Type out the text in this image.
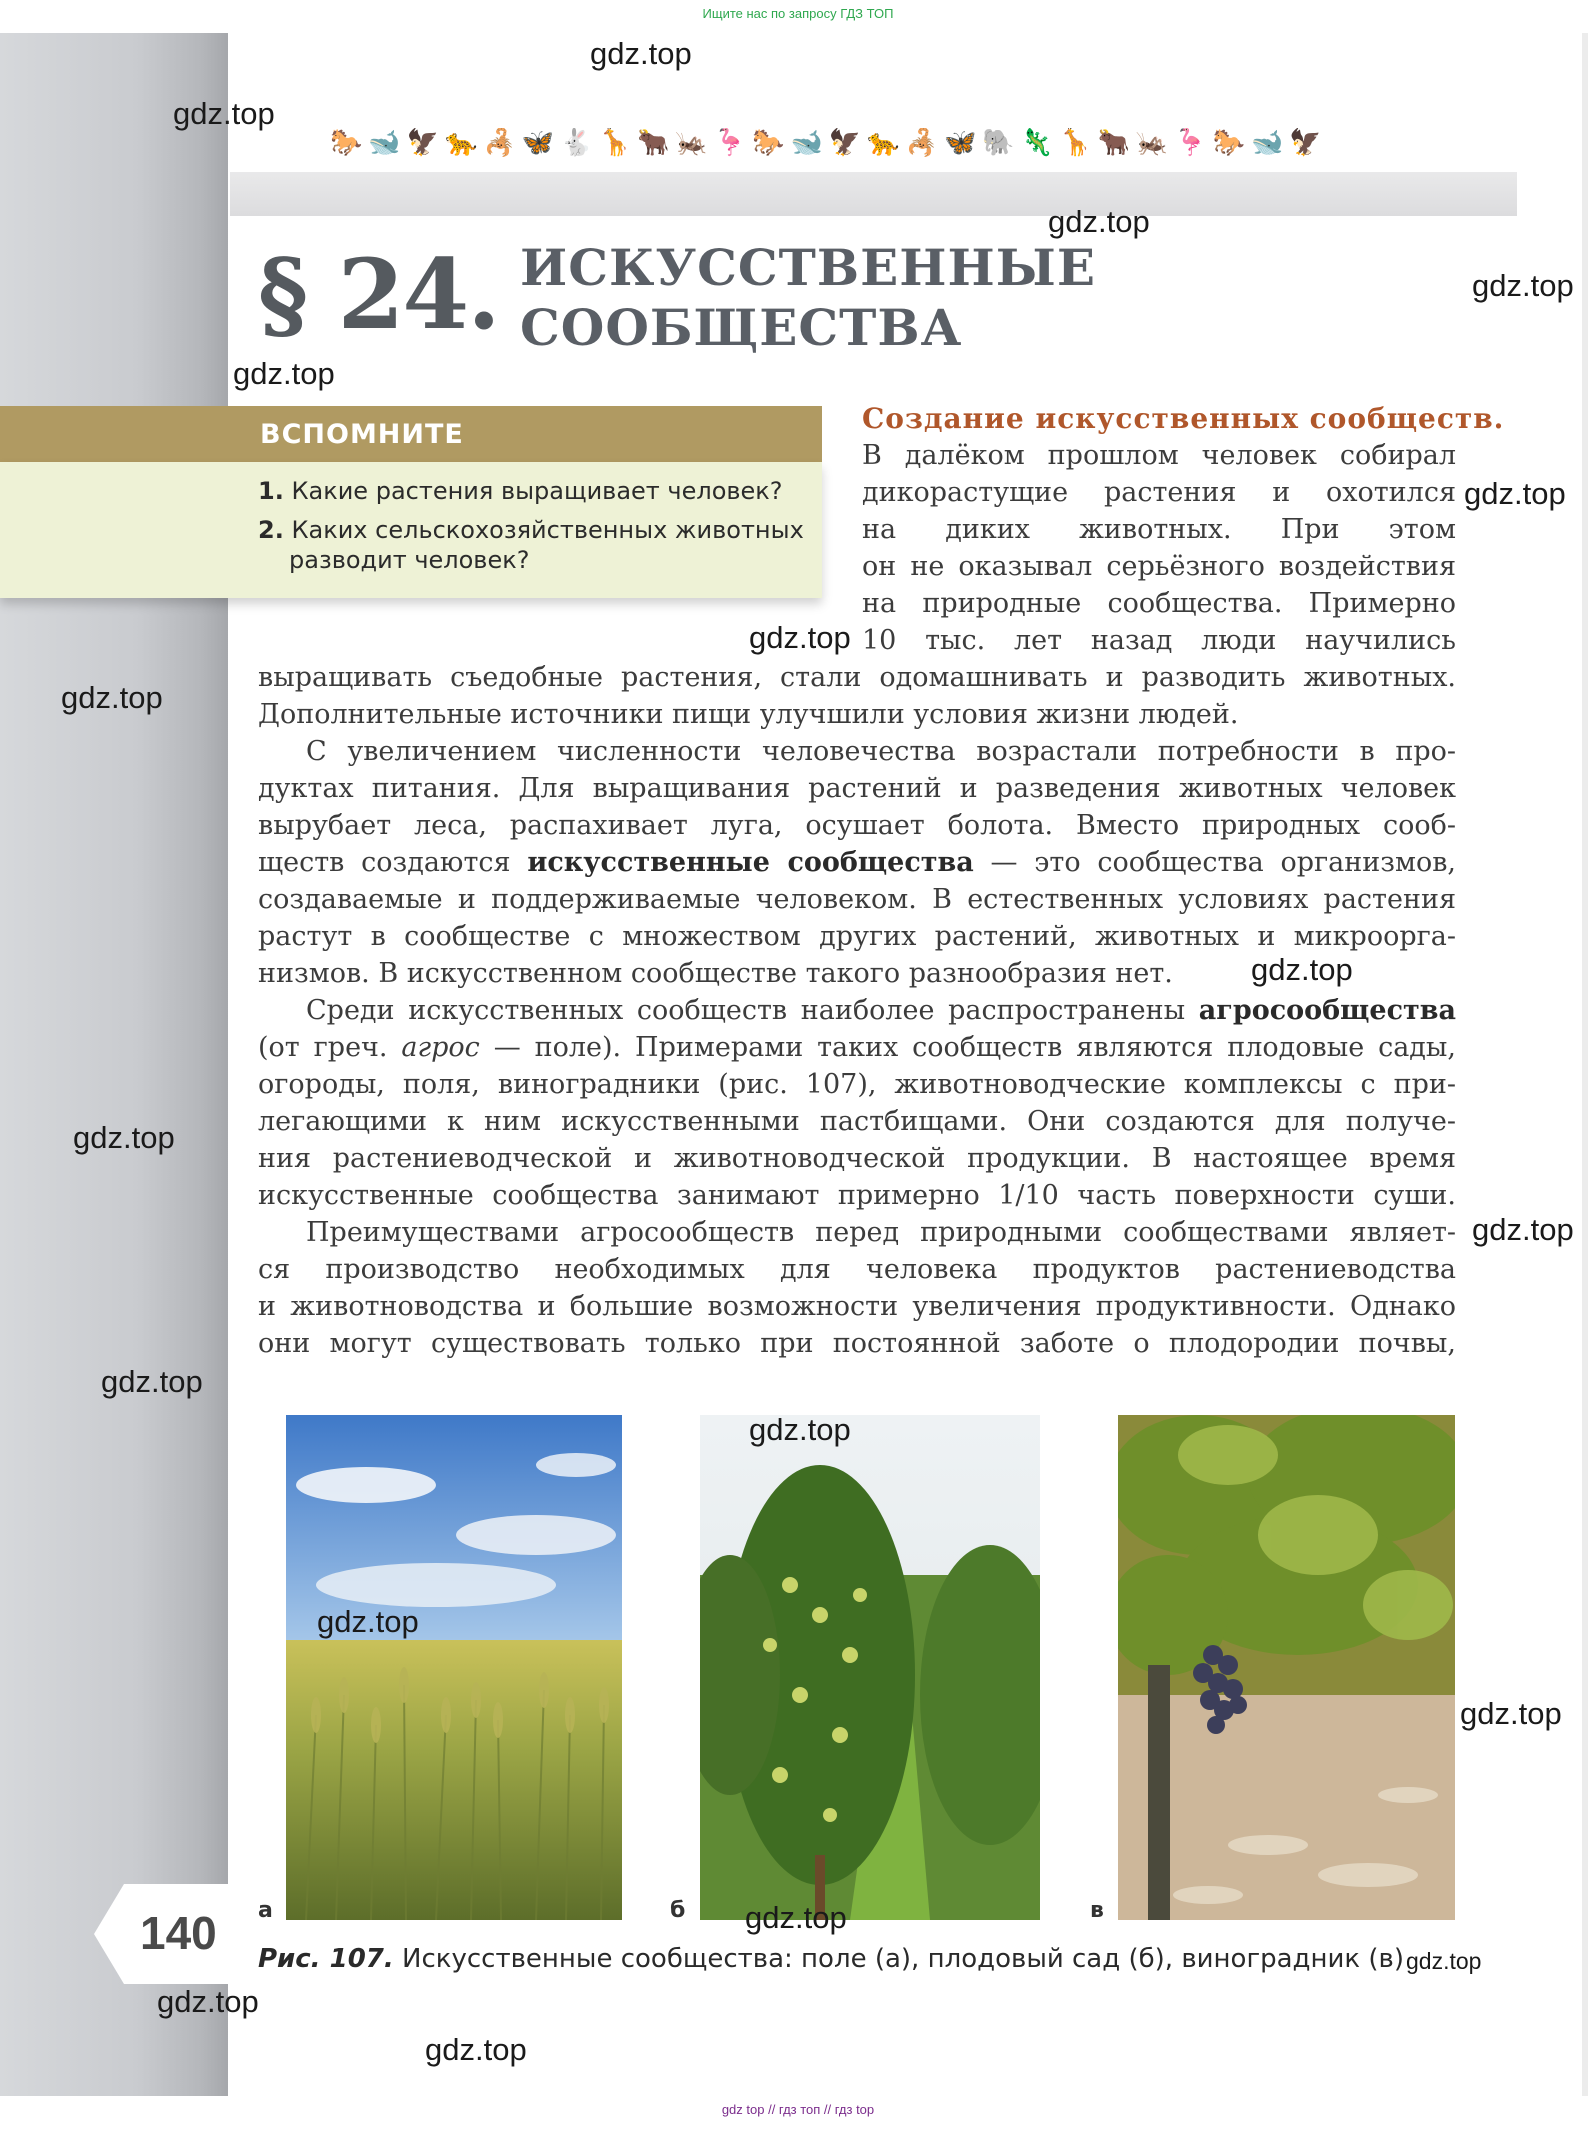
Ищите нас по запросу ГДЗ ТОП
gdz top // гдз топ // гдз top
🐎🐋🦅🐆🦂🦋🐇🦒🐂🦗🦩🐎🐋🦅🐆🦂🦋🐘🦎🦒🐂🦗🦩🐎🐋🦅
§ 24. ИСКУССТВЕННЫЕ
СООБЩЕСТВА
ВСПОМНИТЕ
1. Какие растения выращивает человек?
2. Каких сельскохозяйственных животных
разводит человек?
Создание искусственных сообществ.
В далёком прошлом человек собирал
дикорастущие растения и охотился
на диких животных. При этом
он не оказывал серьёзного воздействия
на природные сообщества. Примерно
10 тыс. лет назад люди научились
выращивать съедобные растения, стали одомашнивать и разводить животных.
Дополнительные источники пищи улучшили условия жизни людей.
С увеличением численности человечества возрастали потребности в про-
дуктах питания. Для выращивания растений и разведения животных человек
вырубает леса, распахивает луга, осушает болота. Вместо природных сооб-
ществ создаются искусственные сообщества — это сообщества организмов,
создаваемые и поддерживаемые человеком. В естественных условиях растения
растут в сообществе с множеством других растений, животных и микроорга-
низмов. В искусственном сообществе такого разнообразия нет.
Среди искусственных сообществ наиболее распространены агросообщества
(от греч. агрос — поле). Примерами таких сообществ являются плодовые сады,
огороды, поля, виноградники (рис. 107), животноводческие комплексы с при-
легающими к ним искусственными пастбищами. Они создаются для получе-
ния растениеводческой и животноводческой продукции. В настоящее время
искусственные сообщества занимают примерно 1/10 часть поверхности суши.
Преимуществами агросообществ перед природными сообществами являет-
ся производство необходимых для человека продуктов растениеводства
и животноводства и большие возможности увеличения продуктивности. Однако
они могут существовать только при постоянной заботе о плодородии почвы,
а	б	в
Рис. 107. Искусственные сообщества: поле (а), плодовый сад (б), виноградник (в)
140
gdz.top
gdz.top
gdz.top
gdz.top
gdz.top
gdz.top
gdz.top
gdz.top
gdz.top
gdz.top
gdz.top
gdz.top
gdz.top
gdz.top
gdz.top
gdz.top
gdz.top
gdz.top
gdz.top
